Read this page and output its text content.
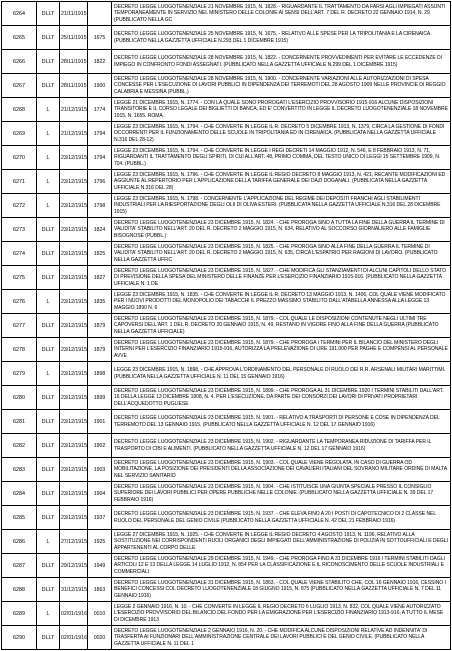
6264	DLLT 21/11/1915
DECRETO LEGGE LUOGOTENENZIALE 21 NOVEMBRE 1915, N. 1828. - RIGUARDANTE IL TRATTAMENTO DA FARSI AGLI IMPIEGATI ASSUNTI TEMPORANEAMENTE IN SERVIZIO NEL MINISTERO DELLE COLONIE AI SENSI DELL'ART. 7 DEL R. DECRETO 22 GENNAIO 1914, N. 29 (PUBBLICATO NELLA GC
6265	DLLT 25/11/1915 1675
DECRETO LEGGE LUOGOTENENZIALE 25 NOVEMBRE 1915, N. 1675. - RELATIVO ALLE SPESE PER LA TRIPOLITANIA E LA CIRENAICA. (PUBBLICATO NELLA GAZZETTA UFFICIALE N.293 DEL 1 DICEMBRE 1915)
6266	DLLT 28/11/1915 1822
DECRETO LEGGE LUOGOTENENZIALE 28 NOVEMBRE 1915, N. 1822. - CONCERNENTE PROVVEDIMENTI PER EVITARE LE ECCEDENZE DI IMPIEGO IN CONFRONTO FONDI ASSEGNATI. (PUBBLICATO NELLA GAZZETTA UFFICIALE N.299 DEL 1 DICEMBRE 1915)
6267	DLLT 28/11/1915 1900
DECRETO LEGGE LUOGOTENENZIALE 28 NOVEMBRE 1915, N. 1900. - CONCERNENTE VARIAZIONI ALLE AUTORIZZAZIONI DI SPESA CONCESSE PER L'ESECUZIONE DI LAVORI PUBBLICI IN DIPENDENZA DEI TERREMOTI DEL 28 AGOSTO 1909 NELLE PROVINCIE DI REGGIO CALABRIA E MESSINA (PUBBL.)
6268	L 21/12/1915 1774
LEGGE 21 DICEMBRE 1915, N. 1774. - CON LA QUALE SONO PROROGATI L'ESERCIZIO PROVVISORIO 1915-916 ALCUNE DISPOSIZIONI TRANSITORIE E IL CORSO LEGALE DEI BIGLIETTI DI BANCA, ED E' CONVERTITO IN LEGGE IL DECRETO LUOGOTENENZIALE 18 NOVEMBRE 1915, N. 1655. ROMA
6269	L 21/12/1915 1794
LEGGE 23 DICEMBRE 1915, N. 1794. - CHE CONVERTE IN LEGGE IL R. DECRETO 5 DICEMBRE 1913, N. 1379, CIRCA LA GESTIONE DI FONDI OCCORRENTI PER IL FUNZIONAMENTO DELLE SCUOLE IN TRIPOLITANIA ED IN CIRENAICA. (PUBBLICATA NELLA GAZZETTA UFFICIALE N.316 DEL 28-12)
6270	L 23/12/1915 1794
LEGGE 23 DICEMBRE 1915, N. 1794. - CHE CONVERTE IN LEGGE I REGI DECRETI 14 MAGGIO 1912, N. 546, E 8 FEBBRAIO 1913, N. 71, RIGUARDANTI IL TRATTAMENTO DEGLI SPIRITI, DI CUI ALL'ART. 48, PRIMO COMMA, DEL TESTO UNICO DI LEGGI 15 SETTEMBRE 1909, N. 704. (PUBBL.)
6271	L 23/12/1915 1796
LEGGE 23 DICEMBRE 1915, N. 1796. - CHE CONVERTE IN LEGGE IL REGIO DECRETO 8 MAGGIO 1913, N. 421, RECANTE MODIFICAZIONI ED AGGIUNTE AL REPERTORIO PER L'APPLICAZIONE DELLA TARIFFA GENERALE DEI DAZI DOGANALI. (PUBBLICATA NELLA GAZZETTA UFFICIALE N.316 DEL 28)
6272	L 23/12/1915 1798
LEGGE 23 DICEMBRE 1915, N. 1798. - CONCERNENTE L'APPLICAZIONE DEL REGIME DEI DEPOSITI FRANCHI AGLI STABILIMENTI INDUSTRIALI PER LA RIESPORTAZIONE DEGLI OLII DI OLIVA ESTERI. (PUBBLICATA NELLA GAZZETTA UFFICIALE N.316 DEL 28 DICEMBRE 1915)
6273	DLLT 23/12/1915 1824
DECRETO LEGGE LUOGOTENENZIALE 23 DICEMBRE 1915, N. 1824. - CHE PROROGA SINO A TUTTA LA FINE DELLA GUERRA IL TERMINE DI VALIDITA' STABILITO NELL'ART. 20 DEL R. DECRETO 2 MAGGIO 1915, N. 634, RELATIVO AL SOCCORSO GIORNALIERO ALLE FAMIGLIE BISOGNOSE (PUBBL.)
6274	DLLT 23/12/1915 1825
DECRETO LEGGE LUOGOTENENZIALE 23 DICEMBRE 1915, N. 1825. - CHE PROROGA SINO ALLA FINE DELLA GUERRA IL TERMINE DI VALIDITA' STABILITO NELL'ART. 20 DEL R. DECRETO 2 MAGGIO 1915, N. 635, CIRCA L'ESPATRIO PER RAGIONI DI LAVORO. (PUBBLICATO NELLA GAZZETTA UFFIC
6275	DLLT 23/12/1915 1827
DECRETO LEGGE LUOGOTENENZIALE 23 DICEMBRE 1915, N. 1827. - CHE MODIFICA GLI STANZIAMENTI DI ALCUNI CAPITOLI DELLO STATO DI PREVISIONE DELLA SPESA DEL MINISTERO DELLE FINANZE PER L'ESERCIZIO FINANZIARIO 1915-916. (PUBBLICATO NELLA GAZZETTA UFFICIALE N. 1 DE
6276	L 23/12/1915 1835
LEGGE 23 DICEMBRE 1915, N. 1835. - CHE CONVERTE IN LEGGE IL R. DECRETO 13 MAGGIO 1913, N. 1406, COL QUALE VIENE MODIFICATO PER I NUOVI PRODOTTI DEL MONOPOLIO DEI TABACCHI IL PREZZO MASSIMO STABILITO DALL'ATABELLA ANNESSA ALLA LEGGE 13 MAGGIO 1890 N. 6
6277	DLLT 23/12/1915 1879
DECRETO LEGGE LUOGOTENENZIALE 23 DICEMBRE 1915, N. 1879. - COL QUALE LE DISPOSIZIONI CONTENUTE NEGLI ULTIMI TRE CAPOVERSI DELL'ART. 1 DEL R. DECRETO 20 GENNAIO 1915, N. 49, RESTANO IN VIGORE FINO ALLA FINE DELLA GUERRA (PUBBLICATO NELLA GAZZETTA UFFICIALE)
6278	DLLT 23/12/1915 1879
DECRETO LEGGE LUOGOTENENZIALE 23 DICEMBRE 1915, N. 1879. - CHE PROROGA I TERMINI PER IL BILANCIO DEL MINISTERO DEGLI INTERNI PER L'ESERCIZIO FINANZIARIO 1915-916, AUTORIZZA LA PRELEVAZIONE DI LIRE 191.000 PER PAGHE E COMPENSI AL PERSONALE AVVE
6279	L 23/12/1915 1898
LEGGE 23 DICEMBRE 1915, N. 1898. - CHE APPROVA L'ORDINAMENTO DEL PERSONALE DI RUOLO DEI R.R. ARSENALI MILITARI MARITTIMI. (PUBBLICATA NELLA GAZZETTA UFFICIALE N. 11 DEL 15 GENNAIO 1916)
6280	DLLT 23/12/1915 1899
DECRETO LEGGE LUOGOTENENZIALE 23 DICEMBRE 1915, N. 1899. - CHE PROROGA AL 31 DICEMBRE 1920 I TERMINI STABILITI DALL'ART. 16 DELLA LEGGE 13 DICEMBRE 1908, N. 4, PER L'ESECUZIONE, DA PARTE DEI CONSORZI DEI LAVORI DI PRIVATI PROPRIETARI DELL'ACQUEDOTTO PUGLIESE
6281	DLLT 23/12/1915 1901
DECRETO LEGGE LUOGOTENENZIALE 23 DICEMBRE 1915, N. 1901. - RELATIVO A TRASPORTI DI PERSONE E COSE IN DIPENDENZA DEL TERREMOTO DEL 13 GENNAIO 1915. (PUBBLICATO NELLA GAZZETTA UFFICIALE N. 12 DEL 17 GENNAIO 1916)
6282	DLLT 23/12/1915 1902
DECRETO LEGGE LUOGOTENENZIALE 23 DICEMBRE 1915, N. 1902. - RIGUARDANTE LA TEMPORANEA RIDUZIONE DI TARIFFA PER IL TRASPORTO DI CIBI E ALIMENTI. (PUBBLICATO NELLA GAZZETTA UFFICIALE N. 12 DEL 17 GENNAIO 1916)
6283	DLLT 23/12/1915 1903
DECRETO LEGGE LUOGOTENENZIALE 23 DICEMBRE 1915, N. 1903. - COL QUALE VIENE REGOLATA, IN CASO DI GUERRA OD MOBILITAZIONE, LA POSIZIONE DEI PRESIDENTI DELLA ASSOCIAZIONE DEI CAVALIERI ITALIANI DEL SOVRANO MILITARE ORDINE DI MALTA NEL SERVIZIO SANITARIO
6284	DLLT 23/12/1915 1904
DECRETO LEGGE LUOGOTENENZIALE 23 DICEMBRE 1915, N. 1904. - CHE ISTITUISCE UNA GIUNTA SPECIALE PRESSO IL CONSIGLIO SUPERIORE DEI LAVORI PUBBLICI PER OPERE PUBBLICHE NELLE COLONIE. (PUBBLICATO NELLA GAZZETTA UFFICIALE N. 39 DEL 17 FEBBRAIO 1916)
6285	DLLT 23/12/1915 1937
DECRETO LEGGE LUOGOTENENZIALE 23 DICEMBRE 1915, N. 1937. - CHE ELEVA FINO A 20 I POSTI DI CAPOTECNICO DI 2 CLASSE NEL RUOLO DEL PERSONALE DEL GENIO CIVILE (PUBBLICATO NELLA GAZZETTA UFFICIALE N. 42 DEL 21 FEBBRAIO 1916)
6286	L 27/12/1915 1925
LEGGE 27 DICEMBRE 1915, N. 1925. - CHE CONVERTE IN LEGGE IL REGIO DECRETO 4 AGOSTO 1913, N. 1196, RELATIVO ALLA SOSTITUZIONE NEI CORRISPONDENTI RUOLI ORGANICI DEGLI IMPIEGATI DELL'AMMINISTRAZIONE DI POLIZIA IN SOTTOUFFICIALI E DEGLI APPARTENENTI AL CORPO DELLE
6287	DLLT 29/12/1915 1949
DECRETO LEGGE LUOGOTENENZIALE 29 DICEMBRE 1915, N. 1949. - CHE PROROGA FINO A 31 DICEMBRE 1916 I TERMINI STABILITI DAGLI ARTICOLI 12 E 13 DELLA LEGGE 14 LUGLIO 1912, N. 854 PER LA CLASSIFICAZIONE E IL RICONOSCIMENTO DELLE SCUOLE INDUSTRIALI E COMMERCIALI
6288	DLLT 31/12/1915 1863
DECRETO LEGGE LUOGOTENENZIALE 31 DICEMBRE 1915, N. 1863. - COL QUALE VIENE STABILITO CHE, COL 16 GENNAIO 1916, CESSINO I BENEFICI CONCESSI COL DECRETO LUOGOTENENZIALE 18 GIUGNO 1915, N. 875 (PUBBLICATO NELLA GAZZETTA UFFICIALE N. 7 DEL 11 GENNAIO 1916)
6289	L 02/01/1916 0010
LEGGE 2 GENNAIO 1916, N. 10. - CHE CONVERTE IN LEGGE IL REGIO DECRETO 6 LUGLIO 1913, N. 832, COL QUALE VIENE AUTORIZZATO L'ESERCIZIO PROVVISORIO DEL BILANCIO DEL FONDO PER LA EMIGRAZIONE PER L'ESERCIZIO FINANZIARIO 1913-916, A TUTTO IL MESE DI DICEMBRE 1913
6290	DLLT 02/01/1916 0020
DECRETO LEGGE LUOGOTENENZIALE 2 GENNAIO 1916, N. 20. - CHE MODIFICA ALCUNE DISPOSIZIONI RELATIVE AD INDENNITA' DI TRASFERTA AI FUNZIONARI DELL'AMMINISTRAZIONE CENTRALE DEI LAVORI PUBBLICI E DEL GENIO CIVILE. (PUBBLICATO NELLA GAZZETTA UFFICIALE N. 11 DEL 1
